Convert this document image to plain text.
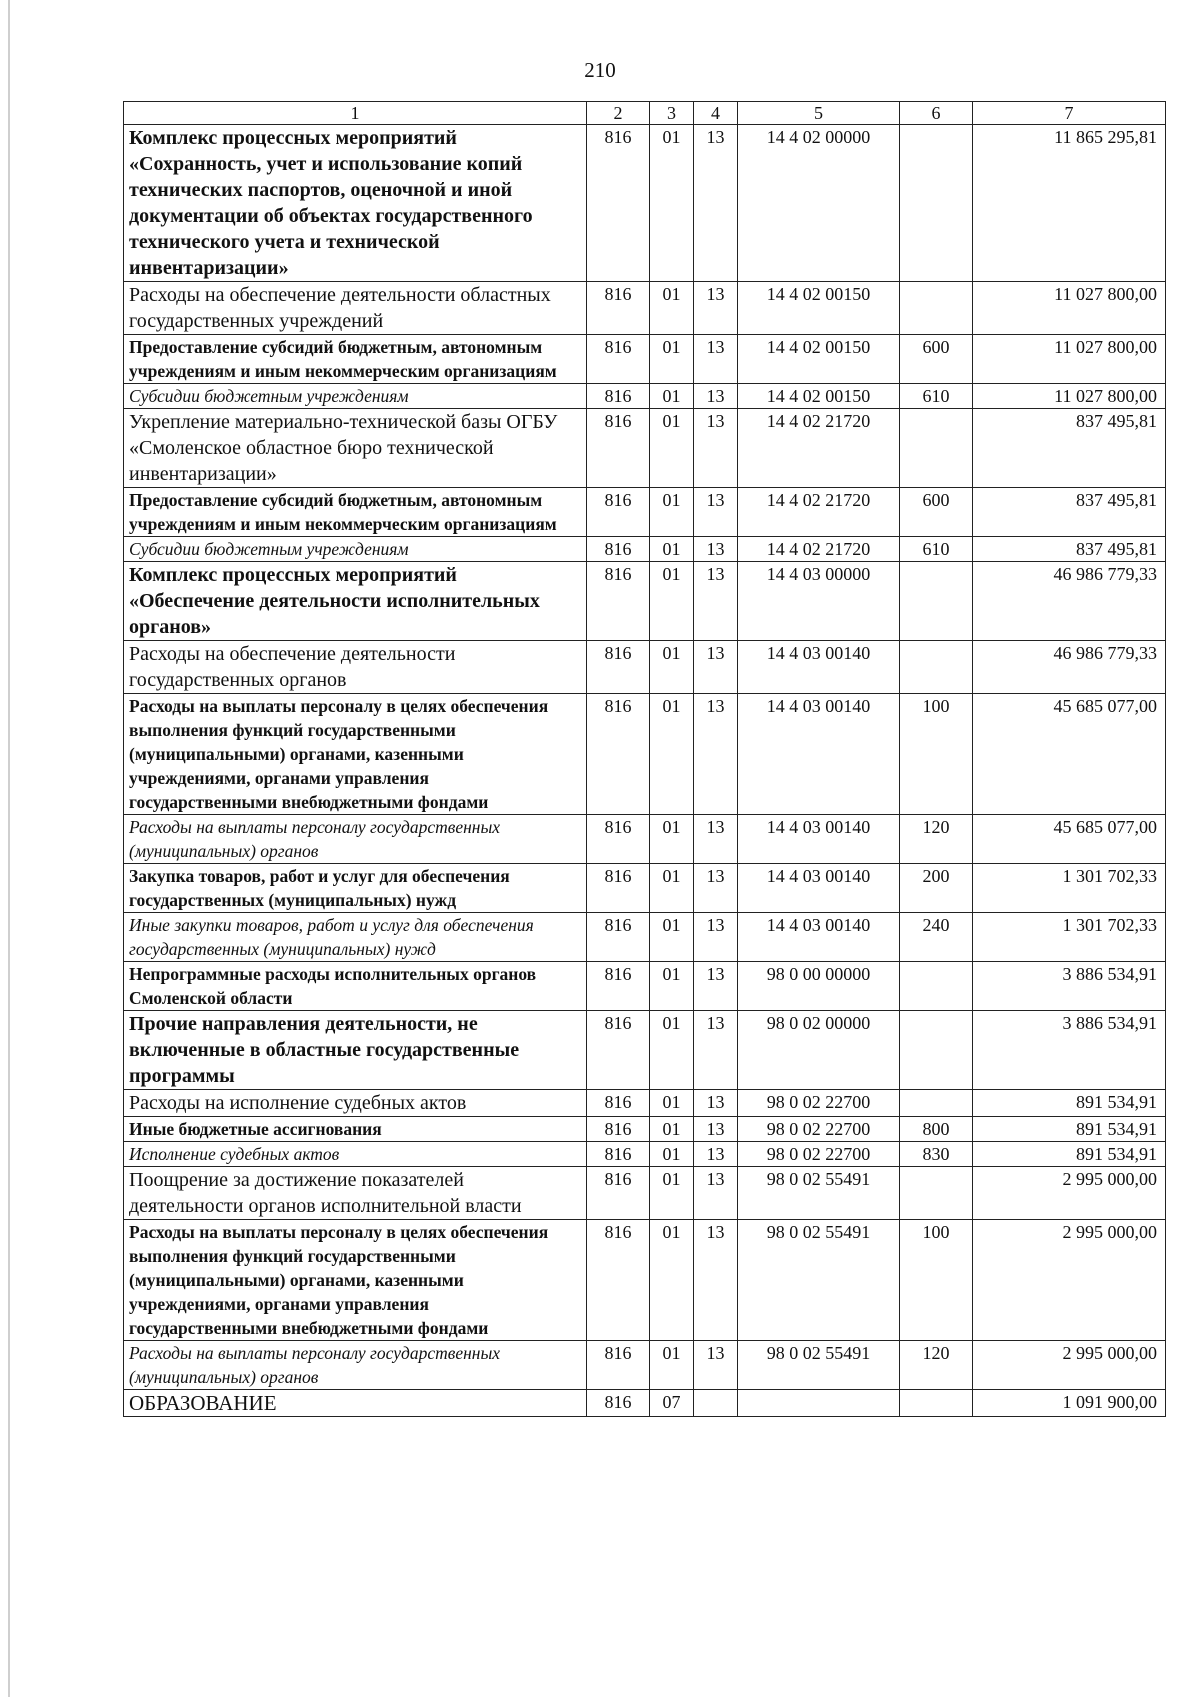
210
1	2	3	4	5	6	7
Комплекс процессных мероприятий «Сохранность, учет и использование копий технических паспортов, оценочной и иной документации об объектах государственного технического учета и технической инвентаризации»	816	01	13	14 4 02 00000		11 865 295,81
Расходы на обеспечение деятельности областных государственных учреждений	816	01	13	14 4 02 00150		11 027 800,00
Предоставление субсидий бюджетным, автономным учреждениям и иным некоммерческим организациям	816	01	13	14 4 02 00150	600	11 027 800,00
Субсидии бюджетным учреждениям	816	01	13	14 4 02 00150	610	11 027 800,00
Укрепление материально-технической базы ОГБУ «Смоленское областное бюро технической инвентаризации»	816	01	13	14 4 02 21720		837 495,81
Предоставление субсидий бюджетным, автономным учреждениям и иным некоммерческим организациям	816	01	13	14 4 02 21720	600	837 495,81
Субсидии бюджетным учреждениям	816	01	13	14 4 02 21720	610	837 495,81
Комплекс процессных мероприятий «Обеспечение деятельности исполнительных органов»	816	01	13	14 4 03 00000		46 986 779,33
Расходы на обеспечение деятельности государственных органов	816	01	13	14 4 03 00140		46 986 779,33
Расходы на выплаты персоналу в целях обеспечения выполнения функций государственными (муниципальными) органами, казенными учреждениями, органами управления государственными внебюджетными фондами	816	01	13	14 4 03 00140	100	45 685 077,00
Расходы на выплаты персоналу государственных (муниципальных) органов	816	01	13	14 4 03 00140	120	45 685 077,00
Закупка товаров, работ и услуг для обеспечения государственных (муниципальных) нужд	816	01	13	14 4 03 00140	200	1 301 702,33
Иные закупки товаров, работ и услуг для обеспечения государственных (муниципальных) нужд	816	01	13	14 4 03 00140	240	1 301 702,33
Непрограммные расходы исполнительных органов Смоленской области	816	01	13	98 0 00 00000		3 886 534,91
Прочие направления деятельности, не включенные в областные государственные программы	816	01	13	98 0 02 00000		3 886 534,91
Расходы на исполнение судебных актов	816	01	13	98 0 02 22700		891 534,91
Иные бюджетные ассигнования	816	01	13	98 0 02 22700	800	891 534,91
Исполнение судебных актов	816	01	13	98 0 02 22700	830	891 534,91
Поощрение за достижение показателей деятельности органов исполнительной власти	816	01	13	98 0 02 55491		2 995 000,00
Расходы на выплаты персоналу в целях обеспечения выполнения функций государственными (муниципальными) органами, казенными учреждениями, органами управления государственными внебюджетными фондами	816	01	13	98 0 02 55491	100	2 995 000,00
Расходы на выплаты персоналу государственных (муниципальных) органов	816	01	13	98 0 02 55491	120	2 995 000,00
ОБРАЗОВАНИЕ	816	07				1 091 900,00
